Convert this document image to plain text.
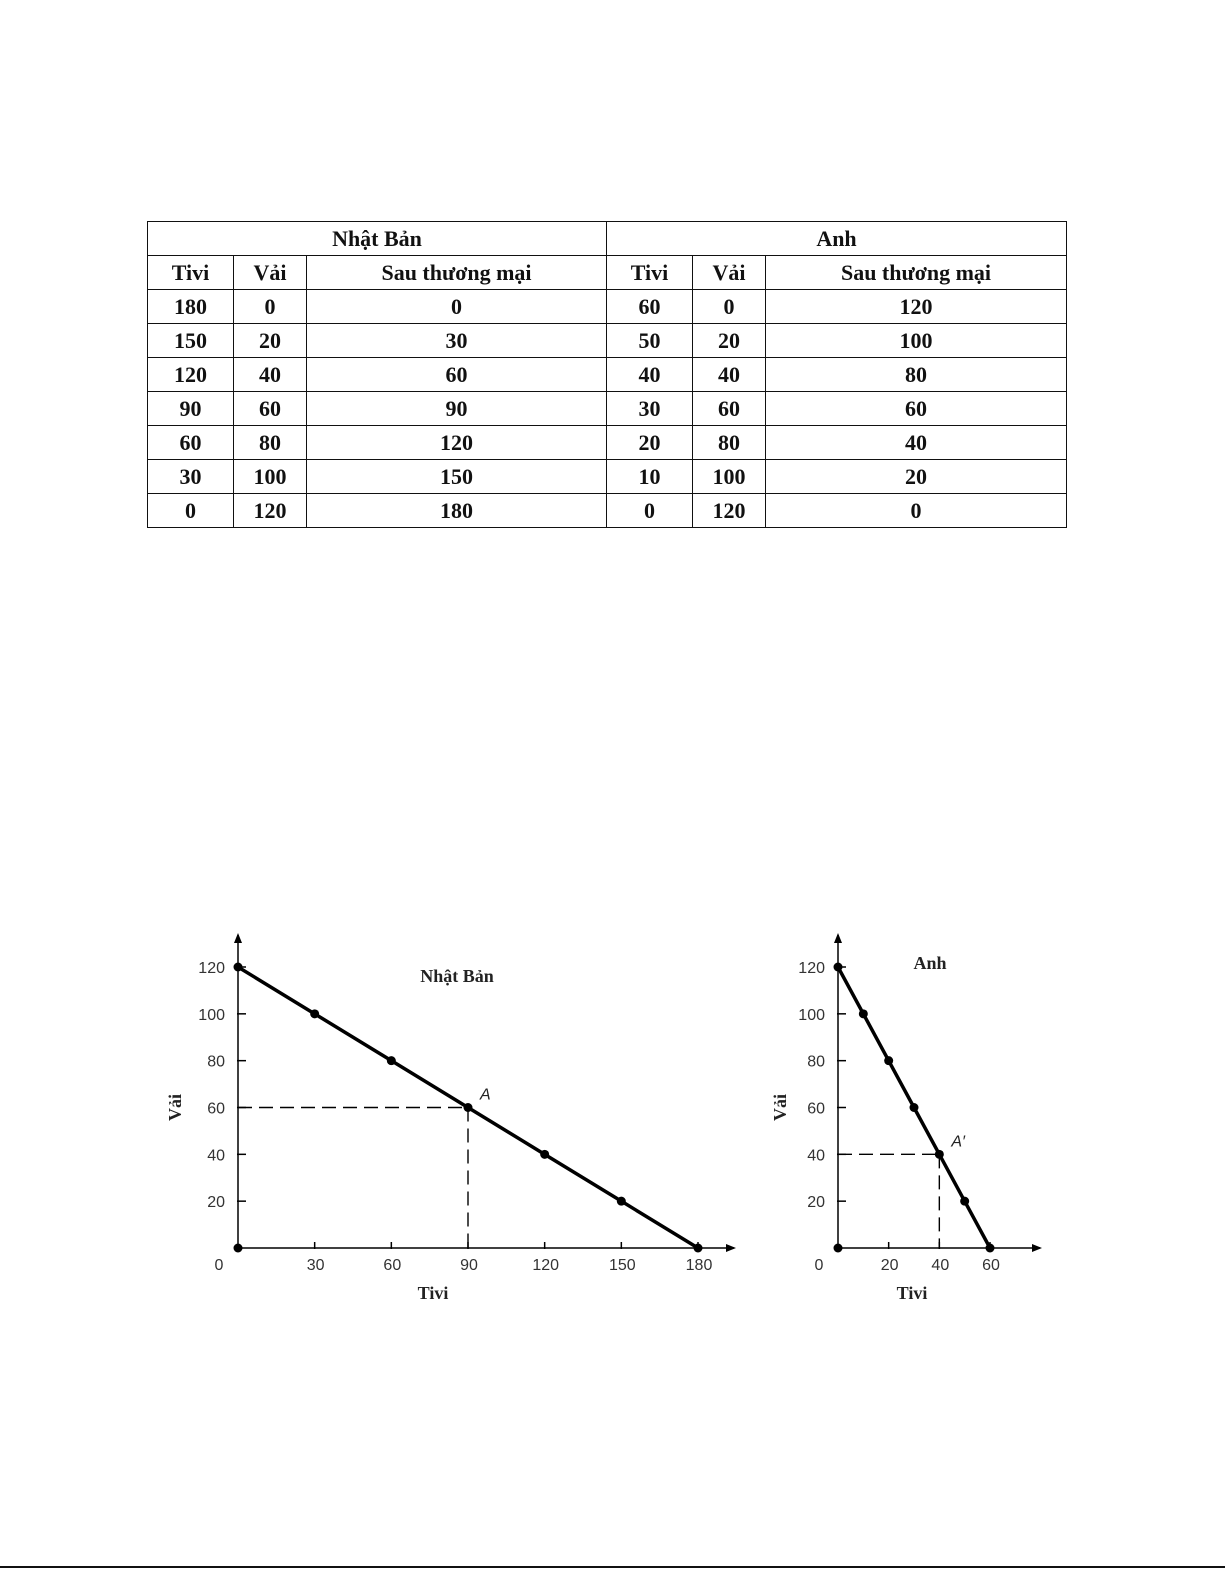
Nhật Bản			Anh		
Tivi	Vải	Sau thương mại	Tivi	Vải	Sau thương mại
180	0	0	60	0	120
150	20	30	50	20	100
120	40	60	40	40	80
90	60	90	30	60	60
60	80	120	20	80	40
30	100	150	10	100	20
0	120	180	0	120	0
20
40
60
80
100
120
0	30	60	90	120	150	180
A
Nhật Bản
Tivi
Vải
20
40
60
80
100
120
0	20 40 60
A′
Anh
Tivi
Vải
